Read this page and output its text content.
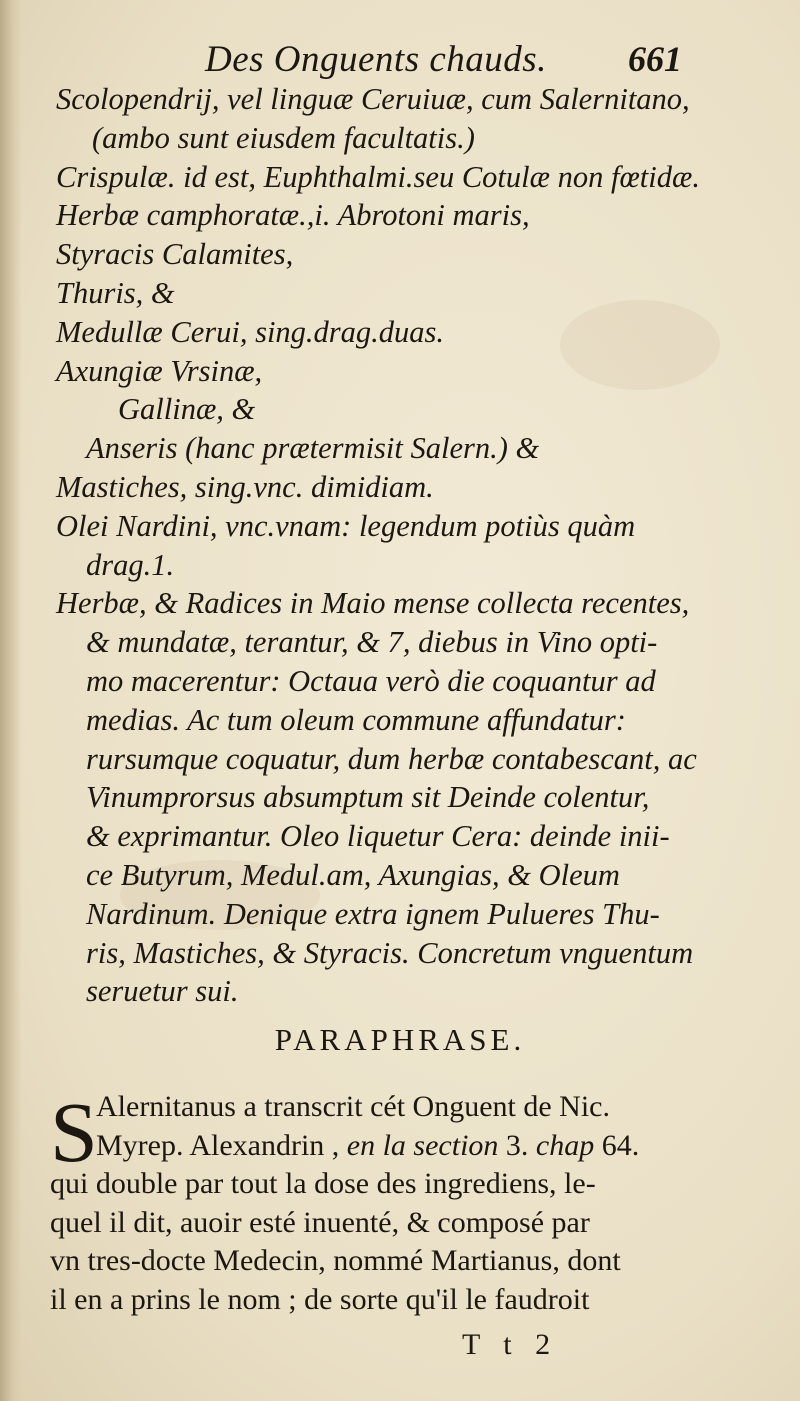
Des Onguents chauds. 661
Scolopendrij, vel linguæ Ceruiuæ, cum Salernitano,
(ambo sunt eiusdem facultatis.)
Crispulæ. id est, Euphthalmi.seu Cotulæ non fœtidæ.
Herbæ camphoratæ.,i. Abrotoni maris,
Styracis Calamites,
Thuris, &
Medullæ Cerui, sing.drag.duas.
Axungiæ Vrsinæ,
Gallinæ, &
Anseris (hanc prætermisit Salern.) &
Mastiches, sing.vnc. dimidiam.
Olei Nardini, vnc.vnam: legendum potiùs quàm
drag.1.
Herbæ, & Radices in Maio mense collecta recentes,
& mundatæ, terantur, & 7, diebus in Vino opti-
mo macerentur: Octaua verò die coquantur ad
medias. Ac tum oleum commune affundatur:
rursumque coquatur, dum herbæ contabescant, ac
Vinumprorsus absumptum sit Deinde colentur,
& exprimantur. Oleo liquetur Cera: deinde inii-
ce Butyrum, Medul.am, Axungias, & Oleum
Nardinum. Denique extra ignem Pulueres Thu-
ris, Mastiches, & Styracis. Concretum vnguentum
seruetur sui.
PARAPHRASE.
S
Alernitanus a transcrit cét Onguent de Nic.
Myrep. Alexandrin , en la section 3. chap 64.
qui double par tout la dose des ingrediens, le-
quel il dit, auoir esté inuenté, & composé par
vn tres-docte Medecin, nommé Martianus, dont
il en a prins le nom ; de sorte qu'il le faudroit
T t 2
